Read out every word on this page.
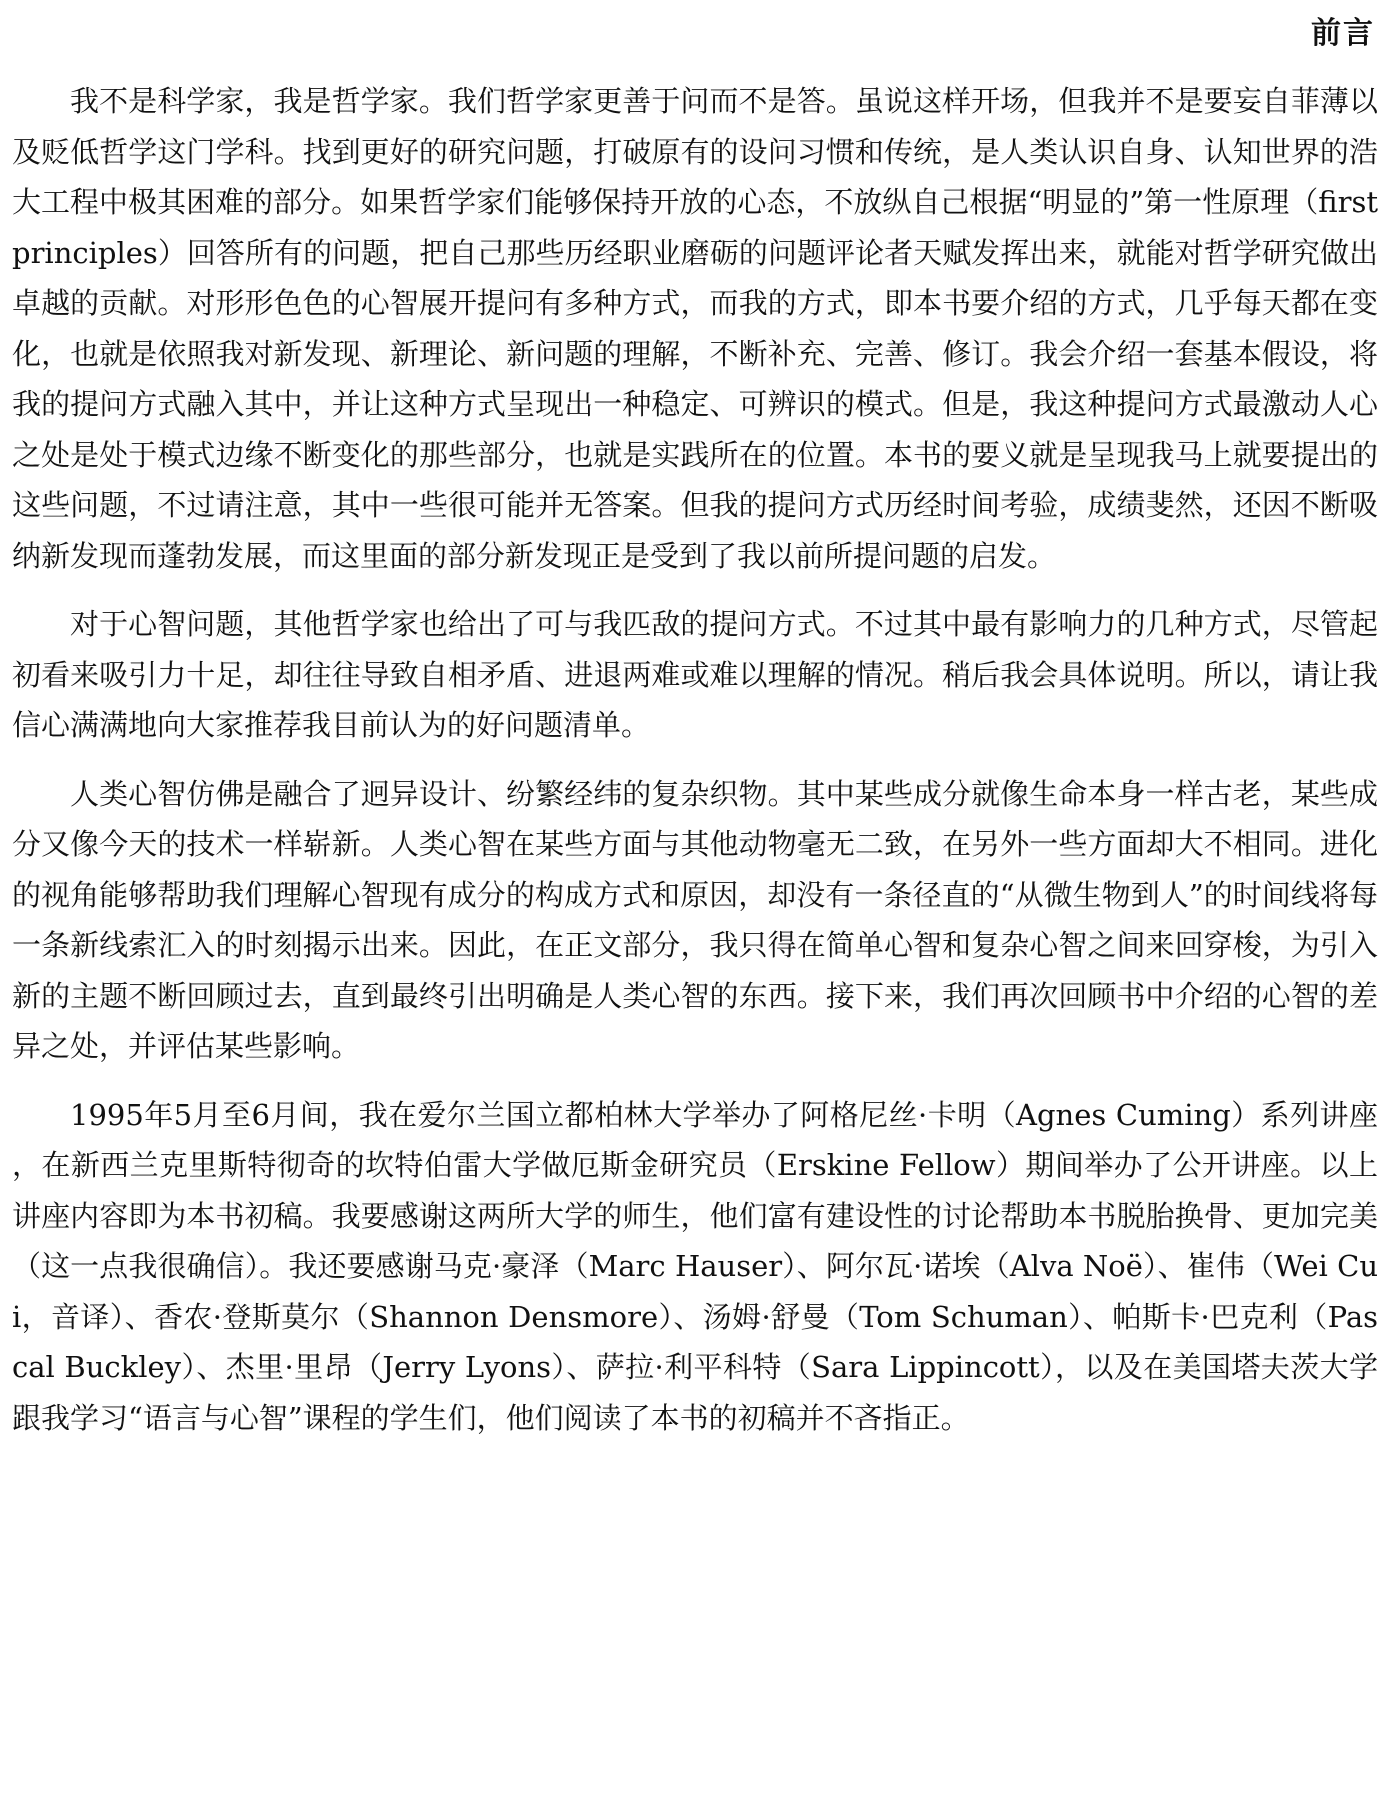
前言

我不是科学家，我是哲学家。我们哲学家更善于问而不是答。虽说这样开场，但我并不是要妄自菲薄以及贬低哲学这门学科。找到更好的研究问题，打破原有的设问习惯和传统，是人类认识自身、认知世界的浩大工程中极其困难的部分。如果哲学家们能够保持开放的心态，不放纵自己根据“明显的”第一性原理（first principles）回答所有的问题，把自己那些历经职业磨砺的问题评论者天赋发挥出来，就能对哲学研究做出卓越的贡献。对形形色色的心智展开提问有多种方式，而我的方式，即本书要介绍的方式，几乎每天都在变化，也就是依照我对新发现、新理论、新问题的理解，不断补充、完善、修订。我会介绍一套基本假设，将我的提问方式融入其中，并让这种方式呈现出一种稳定、可辨识的模式。但是，我这种提问方式最激动人心之处是处于模式边缘不断变化的那些部分，也就是实践所在的位置。本书的要义就是呈现我马上就要提出的这些问题，不过请注意，其中一些很可能并无答案。但我的提问方式历经时间考验，成绩斐然，还因不断吸纳新发现而蓬勃发展，而这里面的部分新发现正是受到了我以前所提问题的启发。

对于心智问题，其他哲学家也给出了可与我匹敌的提问方式。不过其中最有影响力的几种方式，尽管起初看来吸引力十足，却往往导致自相矛盾、进退两难或难以理解的情况。稍后我会具体说明。所以，请让我信心满满地向大家推荐我目前认为的好问题清单。

人类心智仿佛是融合了迥异设计、纷繁经纬的复杂织物。其中某些成分就像生命本身一样古老，某些成分又像今天的技术一样崭新。人类心智在某些方面与其他动物毫无二致，在另外一些方面却大不相同。进化的视角能够帮助我们理解心智现有成分的构成方式和原因，却没有一条径直的“从微生物到人”的时间线将每一条新线索汇入的时刻揭示出来。因此，在正文部分，我只得在简单心智和复杂心智之间来回穿梭，为引入新的主题不断回顾过去，直到最终引出明确是人类心智的东西。接下来，我们再次回顾书中介绍的心智的差异之处，并评估某些影响。

1995年5月至6月间，我在爱尔兰国立都柏林大学举办了阿格尼丝·卡明（Agnes Cuming）系列讲座，在新西兰克里斯特彻奇的坎特伯雷大学做厄斯金研究员（Erskine Fellow）期间举办了公开讲座。以上讲座内容即为本书初稿。我要感谢这两所大学的师生，他们富有建设性的讨论帮助本书脱胎换骨、更加完美（这一点我很确信）。我还要感谢马克·豪泽（Marc Hauser）、阿尔瓦·诺埃（Alva Noë）、崔伟（Wei Cui，音译）、香农·登斯莫尔（Shannon Densmore）、汤姆·舒曼（Tom Schuman）、帕斯卡·巴克利（Pascal Buckley）、杰里·里昂（Jerry Lyons）、萨拉·利平科特（Sara Lippincott），以及在美国塔夫茨大学跟我学习“语言与心智”课程的学生们，他们阅读了本书的初稿并不吝指正。
